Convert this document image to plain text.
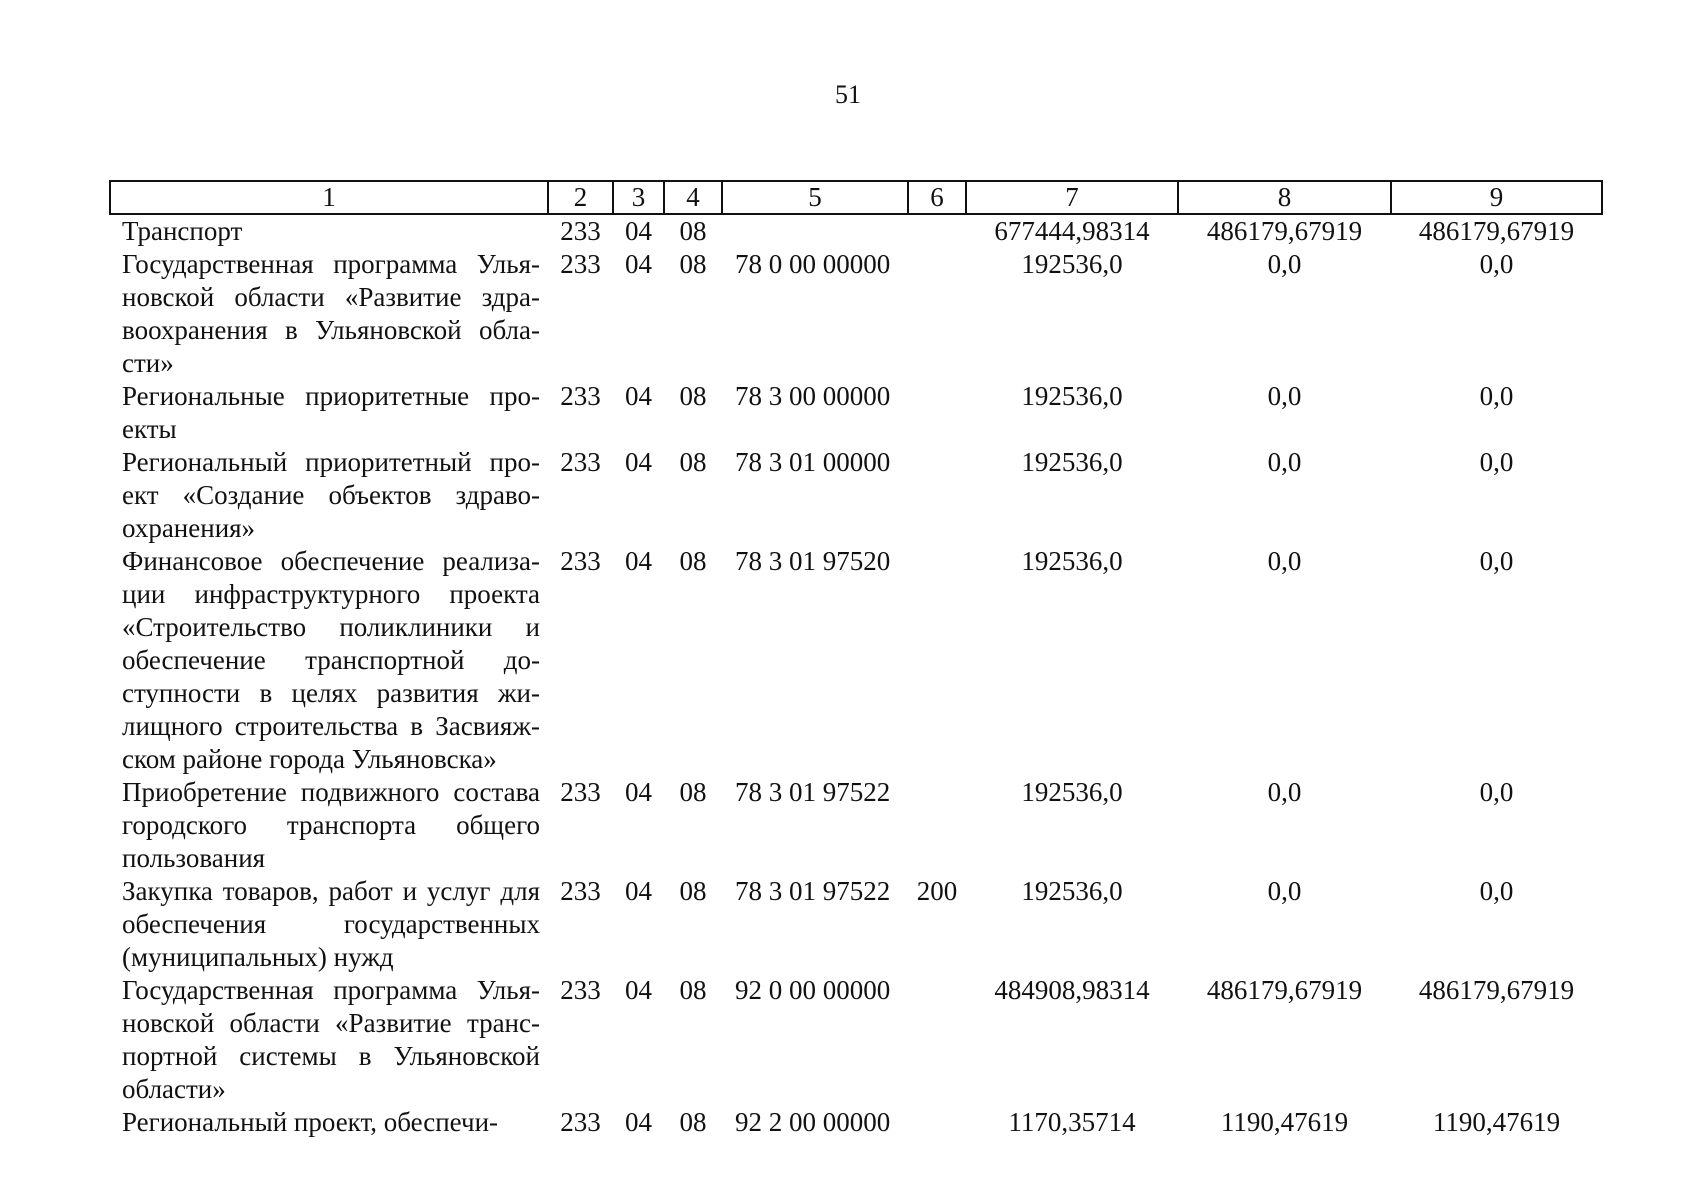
51
1	2	3	4	5	6	7	8	9
Транспорт	233	04	08			677444,98314	486179,67919	486179,67919
Государственная программа Ульяновской области «Развитие здравоохранения в Ульяновской области»	233	04	08	78 0 00 00000		192536,0	0,0	0,0
Региональные приоритетные проекты	233	04	08	78 3 00 00000		192536,0	0,0	0,0
Региональный приоритетный проект «Создание объектов здравоохранения»	233	04	08	78 3 01 00000		192536,0	0,0	0,0
Финансовое обеспечение реализации инфраструктурного проекта «Строительство поликлиники и обеспечение транспортной доступности в целях развития жилищного строительства в Засвияжском районе города Ульяновска»	233	04	08	78 3 01 97520		192536,0	0,0	0,0
Приобретение подвижного состава городского транспорта общего пользования	233	04	08	78 3 01 97522		192536,0	0,0	0,0
Закупка товаров, работ и услуг для обеспечения государственных (муниципальных) нужд	233	04	08	78 3 01 97522	200	192536,0	0,0	0,0
Государственная программа Ульяновской области «Развитие транспортной системы в Ульяновской области»	233	04	08	92 0 00 00000		484908,98314	486179,67919	486179,67919
Региональный проект, обеспечи-	233	04	08	92 2 00 00000		1170,35714	1190,47619	1190,47619
